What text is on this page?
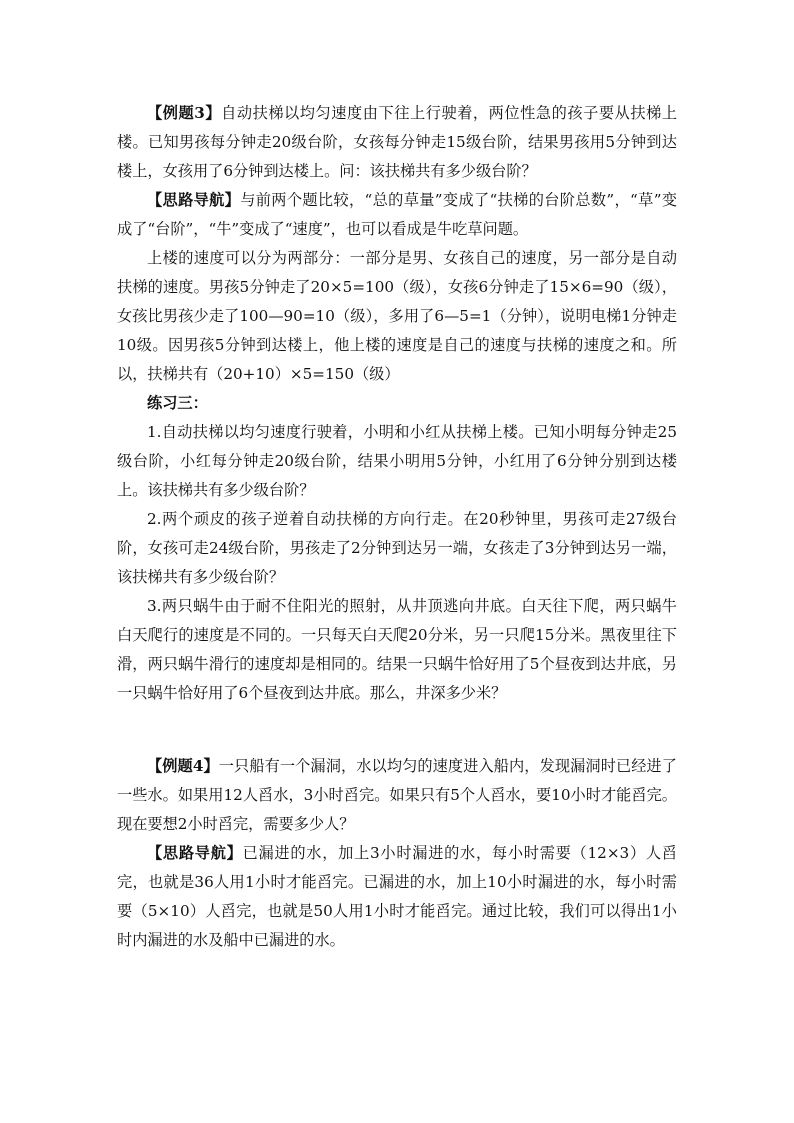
【例题3】自动扶梯以均匀速度由下往上行驶着，两位性急的孩子要从扶梯上楼。已知男孩每分钟走20级台阶，女孩每分钟走15级台阶，结果男孩用5分钟到达楼上，女孩用了6分钟到达楼上。问：该扶梯共有多少级台阶？

【思路导航】与前两个题比较，“总的草量”变成了“扶梯的台阶总数”，“草”变成了“台阶”，“牛”变成了“速度”，也可以看成是牛吃草问题。

上楼的速度可以分为两部分：一部分是男、女孩自己的速度，另一部分是自动扶梯的速度。男孩5分钟走了20×5=100（级），女孩6分钟走了15×6=90（级），女孩比男孩少走了100—90=10（级），多用了6—5=1（分钟），说明电梯1分钟走10级。因男孩5分钟到达楼上，他上楼的速度是自己的速度与扶梯的速度之和。所以，扶梯共有（20+10）×5=150（级）

练习三：

1.自动扶梯以均匀速度行驶着，小明和小红从扶梯上楼。已知小明每分钟走25级台阶，小红每分钟走20级台阶，结果小明用5分钟，小红用了6分钟分别到达楼上。该扶梯共有多少级台阶？

2.两个顽皮的孩子逆着自动扶梯的方向行走。在20秒钟里，男孩可走27级台阶，女孩可走24级台阶，男孩走了2分钟到达另一端，女孩走了3分钟到达另一端，该扶梯共有多少级台阶？

3.两只蜗牛由于耐不住阳光的照射，从井顶逃向井底。白天往下爬，两只蜗牛白天爬行的速度是不同的。一只每天白天爬20分米，另一只爬15分米。黑夜里往下滑，两只蜗牛滑行的速度却是相同的。结果一只蜗牛恰好用了5个昼夜到达井底，另一只蜗牛恰好用了6个昼夜到达井底。那么，井深多少米？

【例题4】一只船有一个漏洞，水以均匀的速度进入船内，发现漏洞时已经进了一些水。如果用12人舀水，3小时舀完。如果只有5个人舀水，要10小时才能舀完。现在要想2小时舀完，需要多少人？

【思路导航】已漏进的水，加上3小时漏进的水，每小时需要（12×3）人舀完，也就是36人用1小时才能舀完。已漏进的水，加上10小时漏进的水，每小时需要（5×10）人舀完，也就是50人用1小时才能舀完。通过比较，我们可以得出1小时内漏进的水及船中已漏进的水。
